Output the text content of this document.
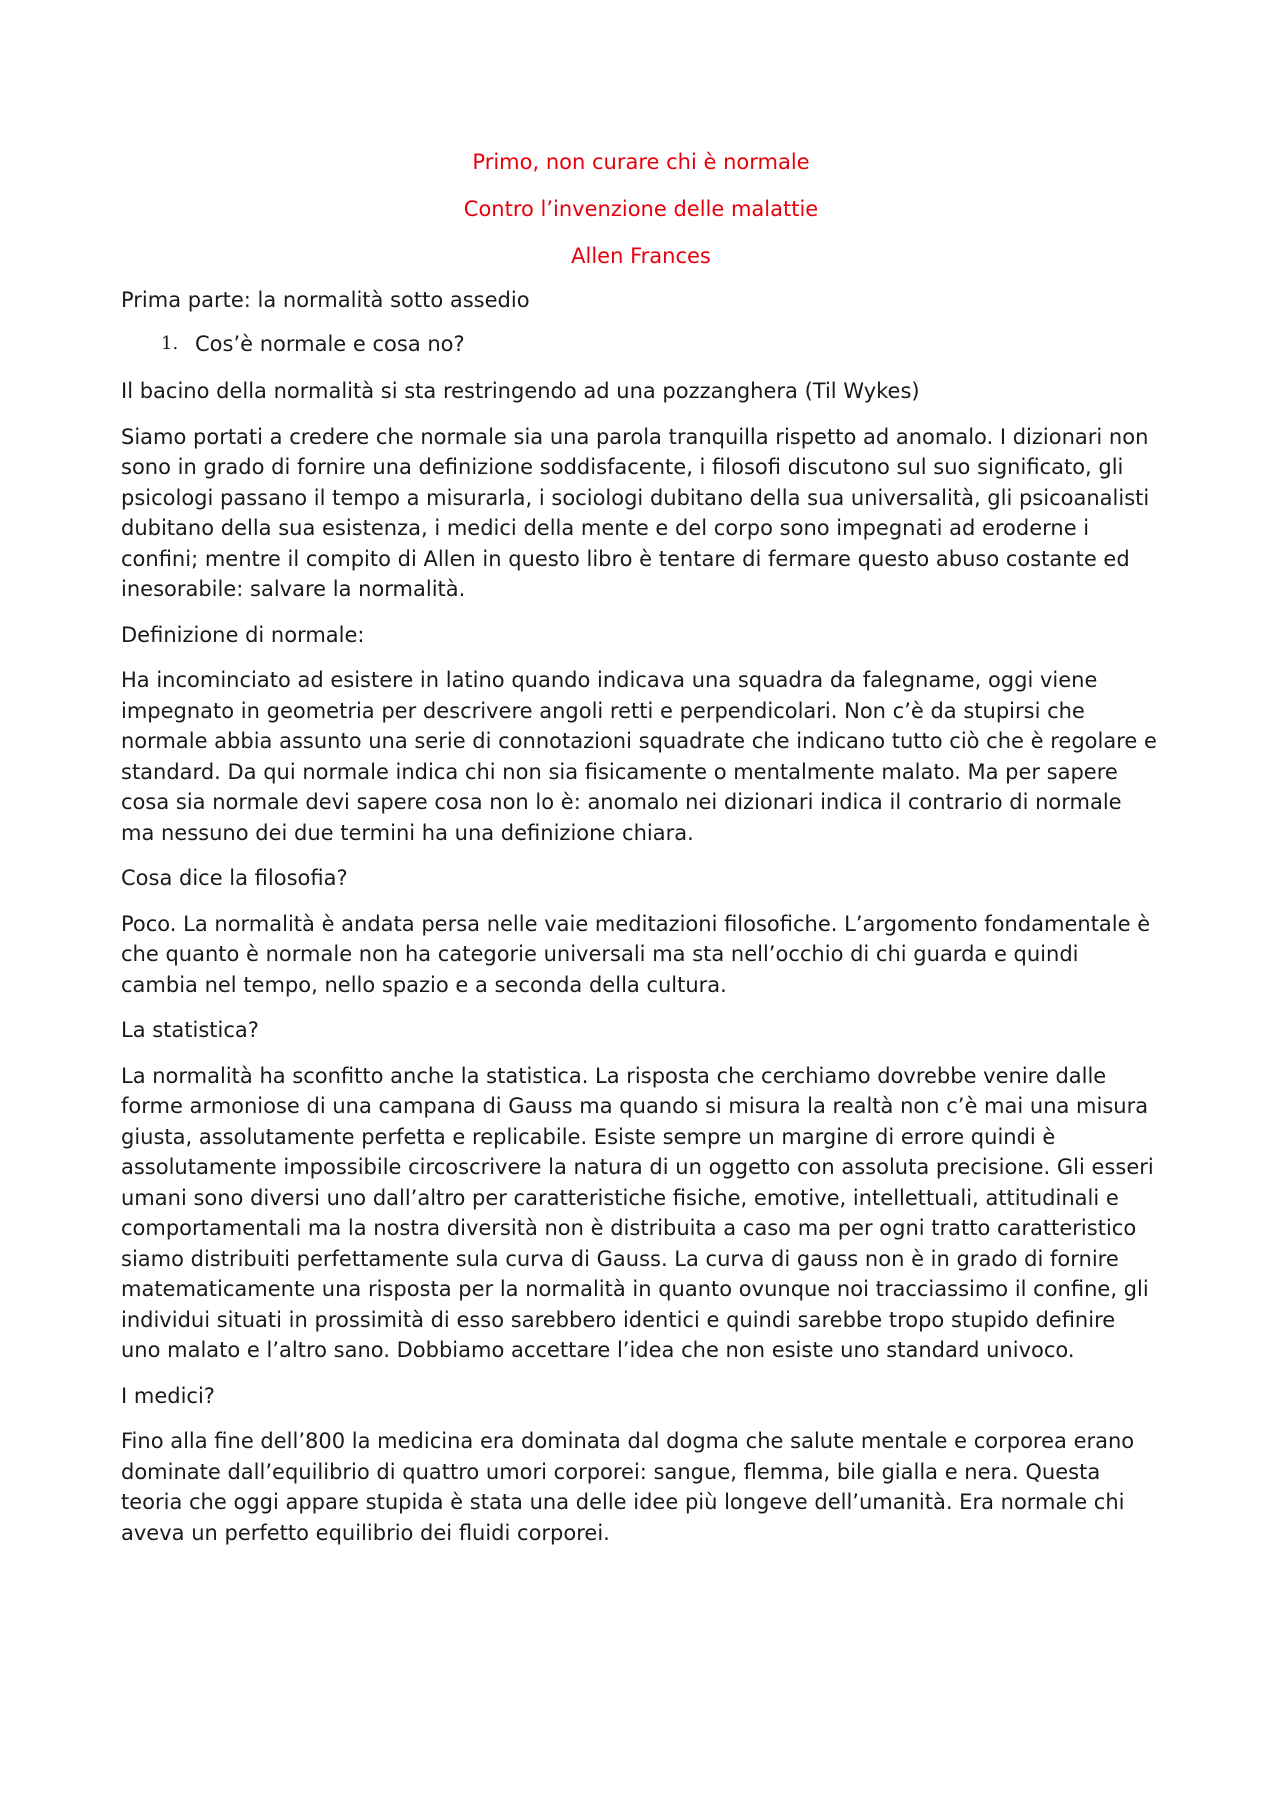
Primo, non curare chi è normale

Contro l’invenzione delle malattie

Allen Frances

Prima parte: la normalità sotto assedio

1. Cos’è normale e cosa no?

Il bacino della normalità si sta restringendo ad una pozzanghera (Til Wykes)

Siamo portati a credere che normale sia una parola tranquilla rispetto ad anomalo. I dizionari non sono in grado di fornire una definizione soddisfacente, i filosofi discutono sul suo significato, gli psicologi passano il tempo a misurarla, i sociologi dubitano della sua universalità, gli psicoanalisti dubitano della sua esistenza, i medici della mente e del corpo sono impegnati ad eroderne i confini; mentre il compito di Allen in questo libro è tentare di fermare questo abuso costante ed inesorabile: salvare la normalità.

Definizione di normale:

Ha incominciato ad esistere in latino quando indicava una squadra da falegname, oggi viene impegnato in geometria per descrivere angoli retti e perpendicolari. Non c’è da stupirsi che normale abbia assunto una serie di connotazioni squadrate che indicano tutto ciò che è regolare e standard. Da qui normale indica chi non sia fisicamente o mentalmente malato. Ma per sapere cosa sia normale devi sapere cosa non lo è: anomalo nei dizionari indica il contrario di normale ma nessuno dei due termini ha una definizione chiara.

Cosa dice la filosofia?

Poco. La normalità è andata persa nelle vaie meditazioni filosofiche. L’argomento fondamentale è che quanto è normale non ha categorie universali ma sta nell’occhio di chi guarda e quindi cambia nel tempo, nello spazio e a seconda della cultura.

La statistica?

La normalità ha sconfitto anche la statistica. La risposta che cerchiamo dovrebbe venire dalle forme armoniose di una campana di Gauss ma quando si misura la realtà non c’è mai una misura giusta, assolutamente perfetta e replicabile. Esiste sempre un margine di errore quindi è assolutamente impossibile circoscrivere la natura di un oggetto con assoluta precisione. Gli esseri umani sono diversi uno dall’altro per caratteristiche fisiche, emotive, intellettuali, attitudinali e comportamentali ma la nostra diversità non è distribuita a caso ma per ogni tratto caratteristico siamo distribuiti perfettamente sula curva di Gauss. La curva di gauss non è in grado di fornire matematicamente una risposta per la normalità in quanto ovunque noi tracciassimo il confine, gli individui situati in prossimità di esso sarebbero identici e quindi sarebbe tropo stupido definire uno malato e l’altro sano. Dobbiamo accettare l’idea che non esiste uno standard univoco.

I medici?

Fino alla fine dell’800 la medicina era dominata dal dogma che salute mentale e corporea erano dominate dall’equilibrio di quattro umori corporei: sangue, flemma, bile gialla e nera. Questa teoria che oggi appare stupida è stata una delle idee più longeve dell’umanità. Era normale chi aveva un perfetto equilibrio dei fluidi corporei.
